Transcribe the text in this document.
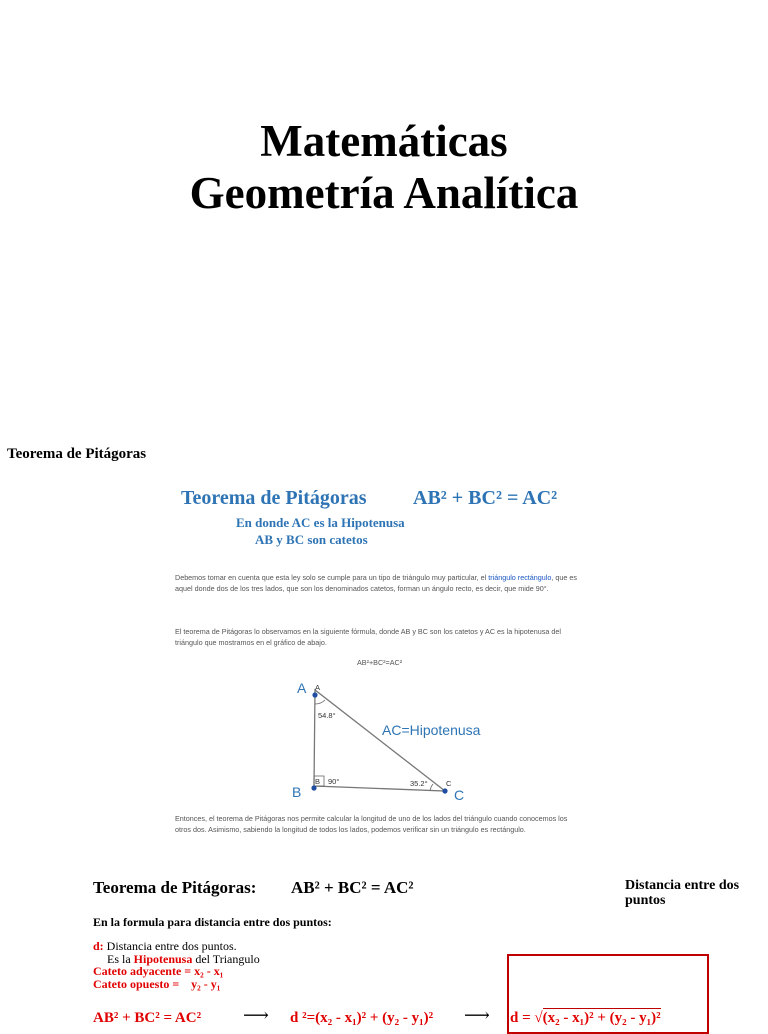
Matemáticas
Geometría Analítica
Teorema de Pitágoras
Teorema de Pitágoras AB² + BC² = AC²
En donde AC es la Hipotenusa
AB y BC son catetos
Debemos tomar en cuenta que esta ley solo se cumple para un tipo de triángulo muy particular, el triángulo rectángulo, que es aquel donde dos de los tres lados, que son los denominados catetos, forman un ángulo recto, es decir, que mide 90°.
El teorema de Pitágoras lo observamos en la siguiente fórmula, donde AB y BC son los catetos y AC es la hipotenusa del triángulo que mostramos en el gráfico de abajo.
AB²+BC²=AC²
A A
54.8°
AC=Hipotenusa
B 90°
B
35.2° C
C
Entonces, el teorema de Pitágoras nos permite calcular la longitud de uno de los lados del triángulo cuando conocemos los otros dos. Asimismo, sabiendo la longitud de todos los lados, podemos verificar sin un triángulo es rectángulo.
Teorema de Pitágoras: AB² + BC² = AC²	Distancia entre dos puntos
En la formula para distancia entre dos puntos:
d: Distancia entre dos puntos.
Es la Hipotenusa del Triangulo
Cateto adyacente = x₂ - x₁
Cateto opuesto = y₂ - y₁
AB² + BC² = AC² ⟶ d ²=(x₂ - x₁)² + (y₂ - y₁)² ⟶ d = √(x₂ - x₁)² + (y₂ - y₁)²
